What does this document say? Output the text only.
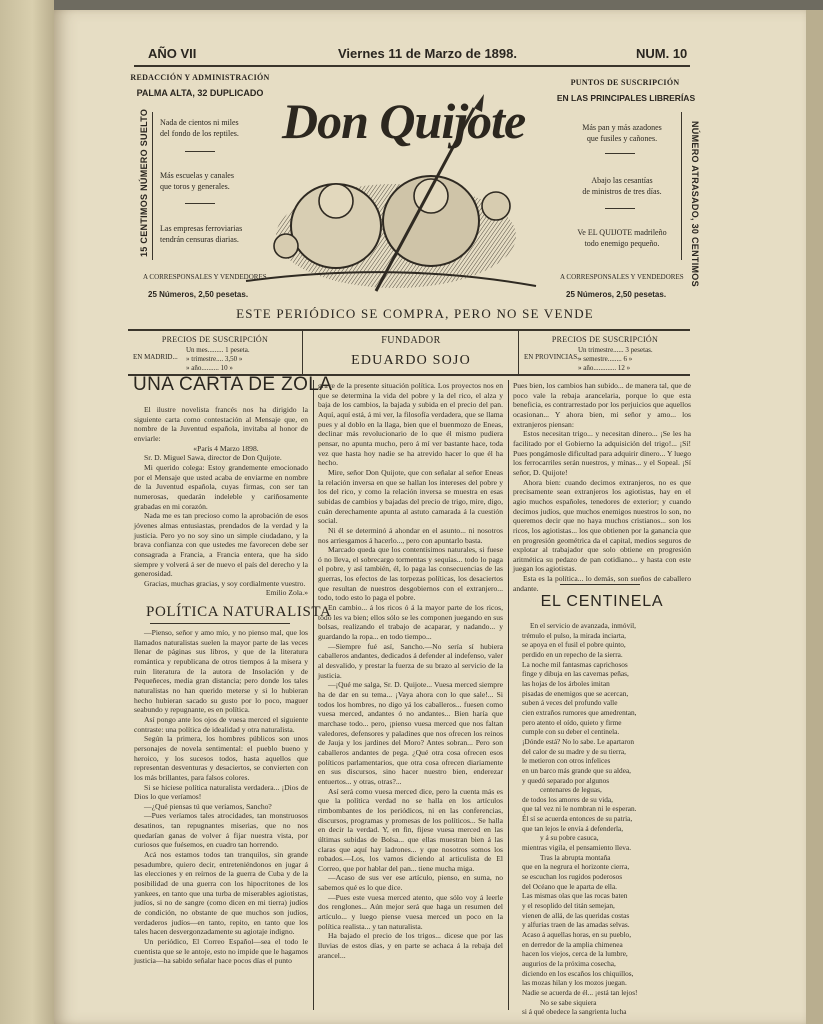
AÑO VII	Viernes 11 de Marzo de 1898.	NUM. 10
REDACCIÓN Y ADMINISTRACIÓN
PALMA ALTA, 32 DUPLICADO
15 CENTIMOS NÚMERO SUELTO Nada de cientos ni miles
del fondo de los reptiles.
Más escuelas y canales
que toros y generales.
Las empresas ferroviarias
tendrán censuras diarias.
A CORRESPONSALES Y VENDEDORES
25 Números, 2,50 pesetas.
PUNTOS DE SUSCRIPCIÓN
EN LAS PRINCIPALES LIBRERÍAS
NÚMERO ATRASADO, 30 CENTIMOS
Más pan y más azadones
que fusiles y cañones.
Abajo las cesantías
de ministros de tres días.
Ve EL QUIJOTE madrileño
todo enemigo pequeño.
A CORRESPONSALES Y VENDEDORES
25 Números, 2,50 pesetas.
Don Quijote
ESTE PERIÓDICO SE COMPRA, PERO NO SE VENDE
PRECIOS DE SUSCRIPCIÓN
EN MADRID...
Un mes......... 1 peseta.
» trimestre.... 3,50 »
» año.......... 10 »
FUNDADOR
EDUARDO SOJO
PRECIOS DE SUSCRIPCIÓN
EN PROVINCIAS.
Un trimestre...... 3 pesetas.
» semestre........ 6 »
» año............. 12 »
UNA CARTA DE ZOLA

El ilustre novelista francés nos ha dirigido la siguiente carta como contestación al Mensaje que, en nombre de la Juventud española, invitaba al honor de enviarle:

«París 4 Marzo 1898.

Sr. D. Miguel Sawa, director de Don Quijote.

Mi querido colega: Estoy grandemente emocionado por el Mensaje que usted acaba de enviarme en nombre de la Juventud española, cuyas firmas, con ser tan numerosas, quedarán indeleble y cariñosamente grabadas en mi corazón.

Nada me es tan precioso como la aprobación de esos jóvenes almas entusiastas, prendados de la verdad y la justicia. Pero yo no soy sino un simple ciudadano, y la brava confianza con que ustedes me favorecen debe ser consagrada a Francia, a Francia entera, que ha sido siempre y volverá á ser de nuevo el país del derecho y la generosidad.

Gracias, muchas gracias, y soy cordialmente vuestro.

Emilio Zola.»

POLÍTICA NATURALISTA

—Pienso, señor y amo mío, y no pienso mal, que los llamados naturalistas suelen la mayor parte de las veces llenar de páginas sus libros, y que de la literatura romántica y republicana de otros tiempos á la misera y ruin literatura de la autora de Insolación y de Pequeñeces, media gran distancia; pero donde los tales naturalistas no han querido meterse y si lo hubieran hecho hubieran sacado su gusto por lo poco, maguer seabundo y repugnante, es en política.

Así pongo ante los ojos de vuesa merced el siguiente contraste: una política de idealidad y otra naturalista.

Según la primera, los hombres públicos son unos personajes de novela sentimental: el pueblo bueno y heroico, y los sucesos todos, hasta aquellos que representan desventuras y desaciertos, se convierten con los más brillantes, para falsos colores.

Si se hiciese política naturalista verdadera... ¡Dios de Dios lo que veríamos!

—¿Qué piensas tú que veríamos, Sancho?

—Pues veríamos tales atrocidades, tan monstruosos desatinos, tan repugnantes miserias, que no nos quedarían ganas de volver á fijar nuestra vista, por curiosos que fuésemos, en cuadro tan horrendo.

Acá nos estamos todos tan tranquilos, sin grande pesadumbre, quiero decir, entreteniéndonos en jugar á las elecciones y en reírnos de la guerra de Cuba y de la posibilidad de una guerra con los hipocritones de los yankees, en tanto que una turba de miserables agiotistas, judíos, si no de sangre (como dicen en mi tierra) judíos de condición, no obstante de que muchos son judíos, verdaderos judíos—en tanto, repito, en tanto que los tales hacen desvergonzadamente su agiotaje indigno.

Un periódico, El Correo Español—sea el todo le cuentista que se le antoje, esto no impide que le hagamos justicia—ha sabido señalar hace pocos días el punto

grave de la presente situación política. Los proyectos nos en que se determina la vida del pobre y la del rico, el alza y baja de los cambios, la bajada y subida en el precio del pan. Aquí, aquí está, á mi ver, la filosofía verdadera, que se llama pues y al doblo en la llaga, bien que el buenmozo de Eneas, declinar más revolucionario de lo que él mismo pudiera pensar, no apunta mucho, pero á mí ver bastante hace, toda vez que hasta hoy nadie se ha atrevido hacer lo que él ha hecho.

Mire, señor Don Quijote, que con señalar al señor Eneas la relación inversa en que se hallan los intereses del pobre y los del rico, y como la relación inversa se muestra en esas subidas de cambios y bajadas del precio de trigo, mire, digo, cuán derechamente apunta al astuto camarada á la cuestión social.

Ni él se determinó á ahondar en el asunto... ni nosotros nos arriesgamos á hacerlo..., pero con apuntarlo basta.

Marcado queda que los contentísimos naturales, si fuese ó no lleva, el sobrecargo tormentas y sequías... todo lo paga el pobre, y así también, él, lo paga las consecuencias de las guerras, los efectos de las torpezas políticas, los desaciertos que resultan de nuestros desgobiernos con el extranjero... todo, todo esto lo paga el pobre.

En cambio... á los ricos ó á la mayor parte de los ricos, todo les va bien; ellos sólo se les componen juegando en sus bolsas, realizando el trabajo de acaparar, y nadando... y guardando la ropa... en todo tiempo...

—Siempre fué así, Sancho.—No sería sí hubiera caballeros andantes, dedicados á defender al indefenso, valer al desvalido, y prestar la fuerza de su brazo al servicio de la justicia.

—¡Qué me salga, Sr. D. Quijote... Vuesa merced siempre ha de dar en su tema... ¡Vaya ahora con lo que sale!... Si todos los hombres, no digo yá los caballeros... fuesen como vuesa merced, andantes ó no andantes... Bien haría que marchase todo... pero, ¡pienso vuesa merced que nos faltan valedores, defensores y paladines que nos ofrecen los reinos de Jauja y los jardines del Moro? Antes sobran... Pero son caballeros andantes de pega. ¿Qué otra cosa ofrecen esos políticos parlamentarios, que otra cosa ofrecen diariamente en sus discursos, sino hacer nuestro bien, enderezar entuertos... y otras, otras?...

Así será como vuesa merced dice, pero la cuenta más es que la política verdad no se halla en los artículos rimbombantes de los periódicos, ni en las conferencias, discursos, programas y promesas de los políticos... Se halla en decir la verdad. Y, en fin, fijese vuesa merced en las últimas subidas de Bolsa... que ellas muestran bien á las claras que aquí hay ladrones... y que nosotros somos los robados.—Los, los vamos diciendo al articulista de El Correo, que por hablar del pan... tiene mucha miga.

—Acaso de sus ver ese artículo, pienso, en suma, no sabemos qué es lo que dice.

—Pues este vuesa merced atento, que sólo voy á leerle dos renglones... Aún mejor será que haga un resumen del artículo... y luego piense vuesa merced un poco en la política realista... y tan naturalista.

Ha bajado el precio de los trigos... dicese que por las lluvias de estos días, y en parte se achaca á la rebaja del arancel...

Pues bien, los cambios han subido... de manera tal, que de poco vale la rebaja arancelaria, porque lo que esta beneficia, es contrarrestado por los perjuicios que aquellos ocasionan... Y ahora bien, mi señor y amo... los extranjeros piensan:

Estos necesitan trigo... y necesitan dinero... ¡Se les ha facilitado por el Gobierno la adquisición del trigo!... ¡Sí! Pues pongámosle dificultad para adquirir dinero... Y luego los ferrocarriles serán nuestros, y mínas... y el Sopeal. ¡Sí señor, D. Quijote!

Ahora bien: cuando decimos extranjeros, no es que precisamente sean extranjeros los agiotistas, hay en el agio muchos españoles, tenedores de exterior; y cuando decimos judíos, que muchos enemigos nuestros lo son, no queremos decir que no haya muchos cristianos... son los ricos, los agiotistas... los que obtienen por la ganancia que en progresión geométrica da el capital, medios seguros de explotar al trabajador que solo obtiene en progresión aritmética su pedazo de pan cotidiano... y hasta con este juegan los agiotistas.

Esta es la política... lo demás, son sueños de caballero andante.

EL CENTINELA
En el servicio de avanzada, inmóvil,
trémulo el pulso, la mirada inciarta,
se apoya en el fusil el pobre quinto,
perdido en un repecho de la sierra.
La noche mil fantasmas caprichosos
finge y dibuja en las cavernas peñas,
las hojas de los árboles imitan
pisadas de enemigos que se acercan,
suben á veces del profundo valle
cien extraños rumores que amedrentan,
pero atento el oído, quieto y firme
cumple con su deber el centinela.
¡Dónde está? No lo sabe. Le apartaron
del calor de su madre y de su tierra,
le metieron con otros infelices
en un barco más grande que su aldea,
y quedó separado por algunos
centenares de leguas,
de todos los amores de su vida,
que tal vez ni le nombran ni le esperan.
Él sí se acuerda entonces de su patria,
que tan lejos le envía á defenderla,
y á su pobre casuca,
mientras vigila, el pensamiento lleva.
Tras la abrupta montaña
que en la negrura el horizonte cierra,
se escuchan los rugidos poderosos
del Océano que le aparta de ella.
Las mismas olas que las rocas baten
y el resoplido del titán semejan,
vienen de allá, de las queridas costas
y alfurias traen de las amadas selvas.
Acaso á aquellas horas, en su pueblo,
en derredor de la amplia chimenea
hacen los viejos, cerca de la lumbre,
augurios de la próxima cosecha,
diciendo en los escaños los chiquillos,
las mozas hilan y los mozos juegan.
Nadie se acuerda de él... ¡está tan lejos!
No se sabe siquiera
si á qué obedece la sangrienta lucha
